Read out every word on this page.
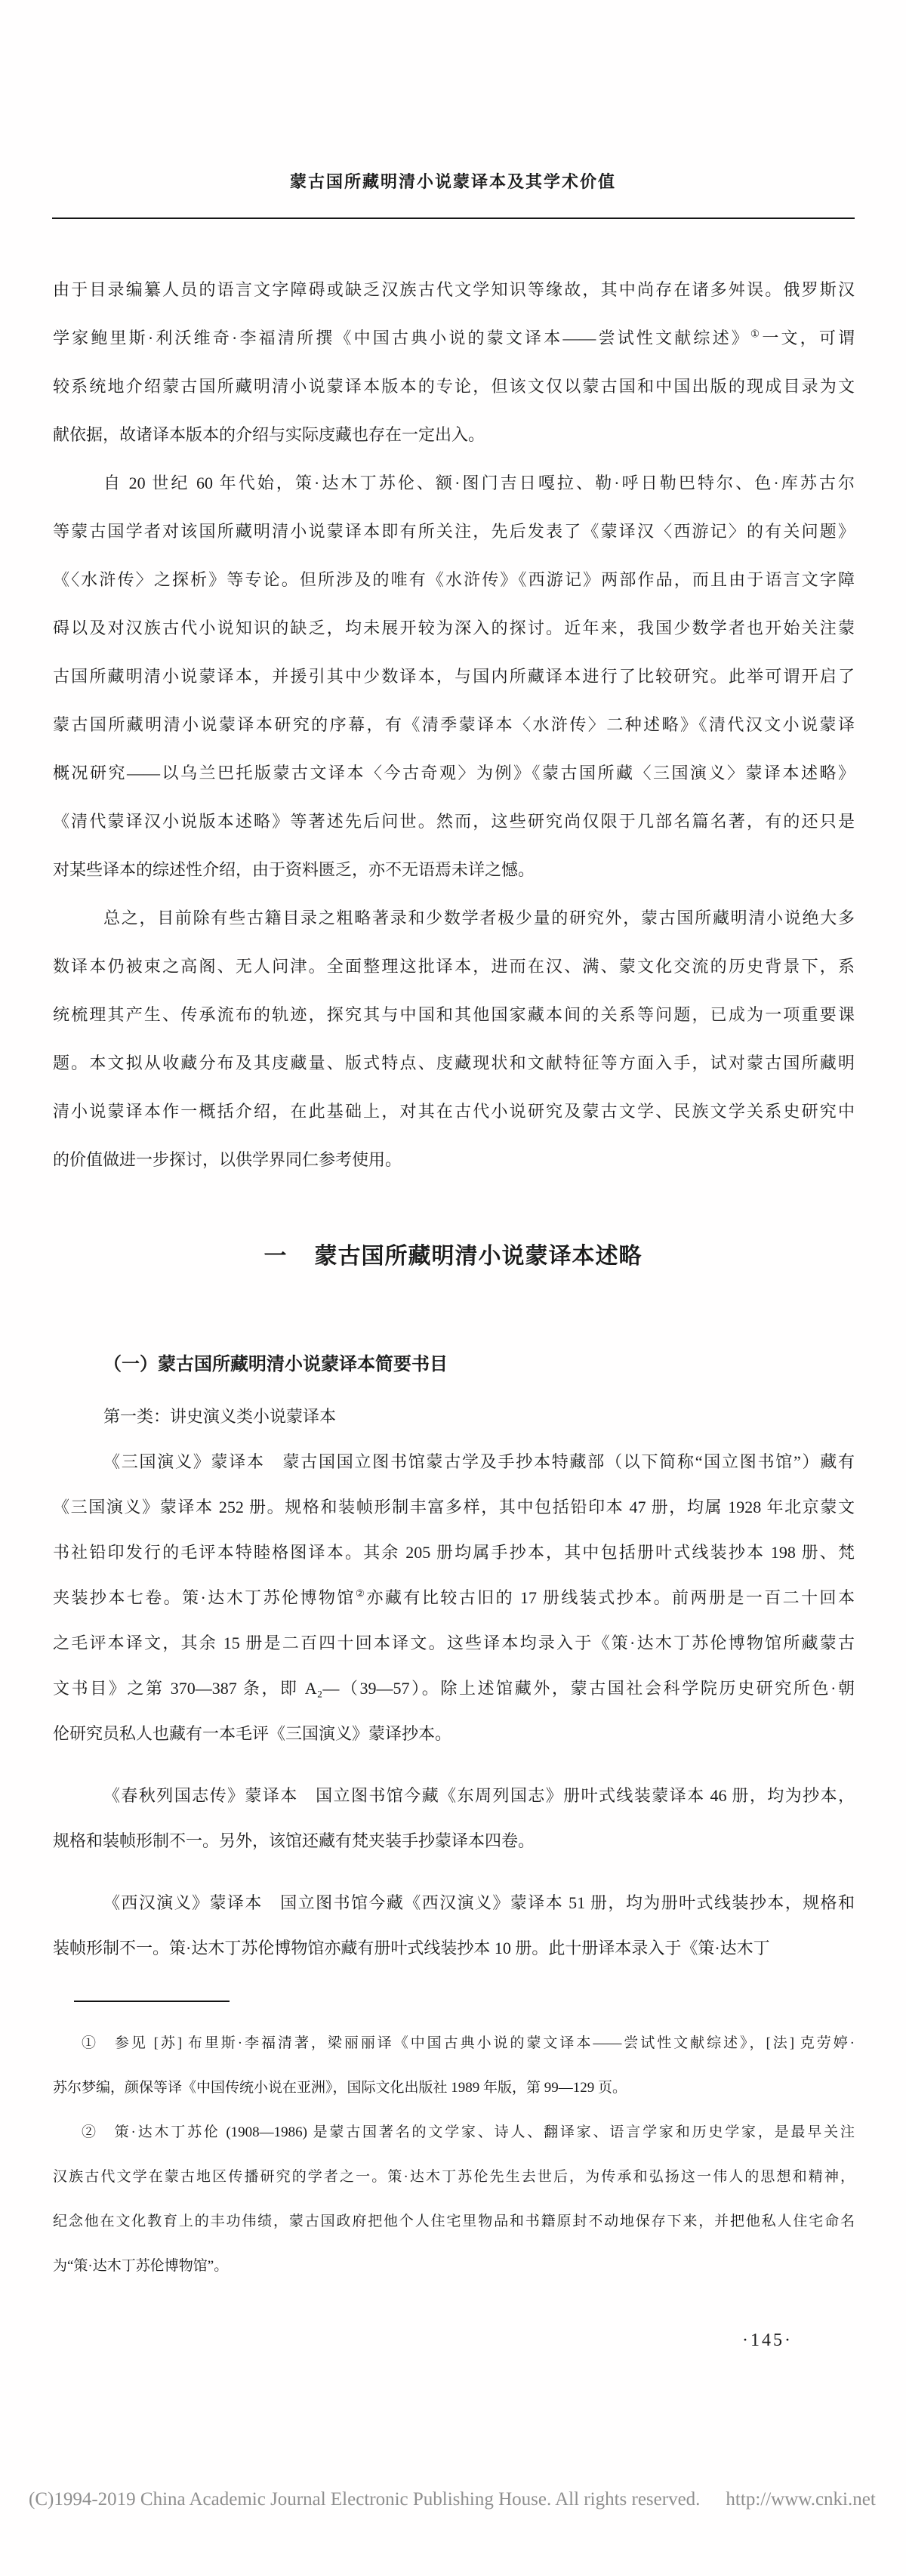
蒙古国所藏明清小说蒙译本及其学术价值
由于目录编纂人员的语言文字障碍或缺乏汉族古代文学知识等缘故，其中尚存在诸多舛误。俄罗斯汉
学家鲍里斯·利沃维奇·李福清所撰《中国古典小说的蒙文译本——尝试性文献综述》①一文，可谓
较系统地介绍蒙古国所藏明清小说蒙译本版本的专论，但该文仅以蒙古国和中国出版的现成目录为文
献依据，故诸译本版本的介绍与实际庋藏也存在一定出入。
自 20 世纪 60 年代始，策·达木丁苏伦、额·图门吉日嘎拉、勒·呼日勒巴特尔、色·库苏古尔
等蒙古国学者对该国所藏明清小说蒙译本即有所关注，先后发表了《蒙译汉〈西游记〉的有关问题》
《〈水浒传〉之探析》等专论。但所涉及的唯有《水浒传》《西游记》两部作品，而且由于语言文字障
碍以及对汉族古代小说知识的缺乏，均未展开较为深入的探讨。近年来，我国少数学者也开始关注蒙
古国所藏明清小说蒙译本，并援引其中少数译本，与国内所藏译本进行了比较研究。此举可谓开启了
蒙古国所藏明清小说蒙译本研究的序幕，有《清季蒙译本〈水浒传〉二种述略》《清代汉文小说蒙译
概况研究——以乌兰巴托版蒙古文译本〈今古奇观〉为例》《蒙古国所藏〈三国演义〉蒙译本述略》
《清代蒙译汉小说版本述略》等著述先后问世。然而，这些研究尚仅限于几部名篇名著，有的还只是
对某些译本的综述性介绍，由于资料匮乏，亦不无语焉未详之憾。
总之，目前除有些古籍目录之粗略著录和少数学者极少量的研究外，蒙古国所藏明清小说绝大多
数译本仍被束之高阁、无人问津。全面整理这批译本，进而在汉、满、蒙文化交流的历史背景下，系
统梳理其产生、传承流布的轨迹，探究其与中国和其他国家藏本间的关系等问题，已成为一项重要课
题。本文拟从收藏分布及其庋藏量、版式特点、庋藏现状和文献特征等方面入手，试对蒙古国所藏明
清小说蒙译本作一概括介绍，在此基础上，对其在古代小说研究及蒙古文学、民族文学关系史研究中
的价值做进一步探讨，以供学界同仁参考使用。
一 蒙古国所藏明清小说蒙译本述略
（一）蒙古国所藏明清小说蒙译本简要书目
第一类：讲史演义类小说蒙译本
《三国演义》蒙译本　蒙古国国立图书馆蒙古学及手抄本特藏部（以下简称“国立图书馆”）藏有
《三国演义》蒙译本 252 册。规格和装帧形制丰富多样，其中包括铅印本 47 册，均属 1928 年北京蒙文
书社铅印发行的毛评本特睦格图译本。其余 205 册均属手抄本，其中包括册叶式线装抄本 198 册、梵
夹装抄本七卷。策·达木丁苏伦博物馆②亦藏有比较古旧的 17 册线装式抄本。前两册是一百二十回本
之毛评本译文，其余 15 册是二百四十回本译文。这些译本均录入于《策·达木丁苏伦博物馆所藏蒙古
文书目》之第 370—387 条，即 A₂—（39—57）。除上述馆藏外，蒙古国社会科学院历史研究所色·朝
伦研究员私人也藏有一本毛评《三国演义》蒙译抄本。
《春秋列国志传》蒙译本　国立图书馆今藏《东周列国志》册叶式线装蒙译本 46 册，均为抄本，
规格和装帧形制不一。另外，该馆还藏有梵夹装手抄蒙译本四卷。
《西汉演义》蒙译本　国立图书馆今藏《西汉演义》蒙译本 51 册，均为册叶式线装抄本，规格和
装帧形制不一。策·达木丁苏伦博物馆亦藏有册叶式线装抄本 10 册。此十册译本录入于《策·达木丁
①　参见 [苏] 布里斯·李福清著，梁丽丽译《中国古典小说的蒙文译本——尝试性文献综述》，[法] 克劳婷·
苏尔梦编，颜保等译《中国传统小说在亚洲》，国际文化出版社 1989 年版，第 99—129 页。
②　策·达木丁苏伦 (1908—1986) 是蒙古国著名的文学家、诗人、翻译家、语言学家和历史学家，是最早关注
汉族古代文学在蒙古地区传播研究的学者之一。策·达木丁苏伦先生去世后，为传承和弘扬这一伟人的思想和精神，
纪念他在文化教育上的丰功伟绩，蒙古国政府把他个人住宅里物品和书籍原封不动地保存下来，并把他私人住宅命名
为“策·达木丁苏伦博物馆”。
·145·
(C)1994-2019 China Academic Journal Electronic Publishing House. All rights reserved. http://www.cnki.net
